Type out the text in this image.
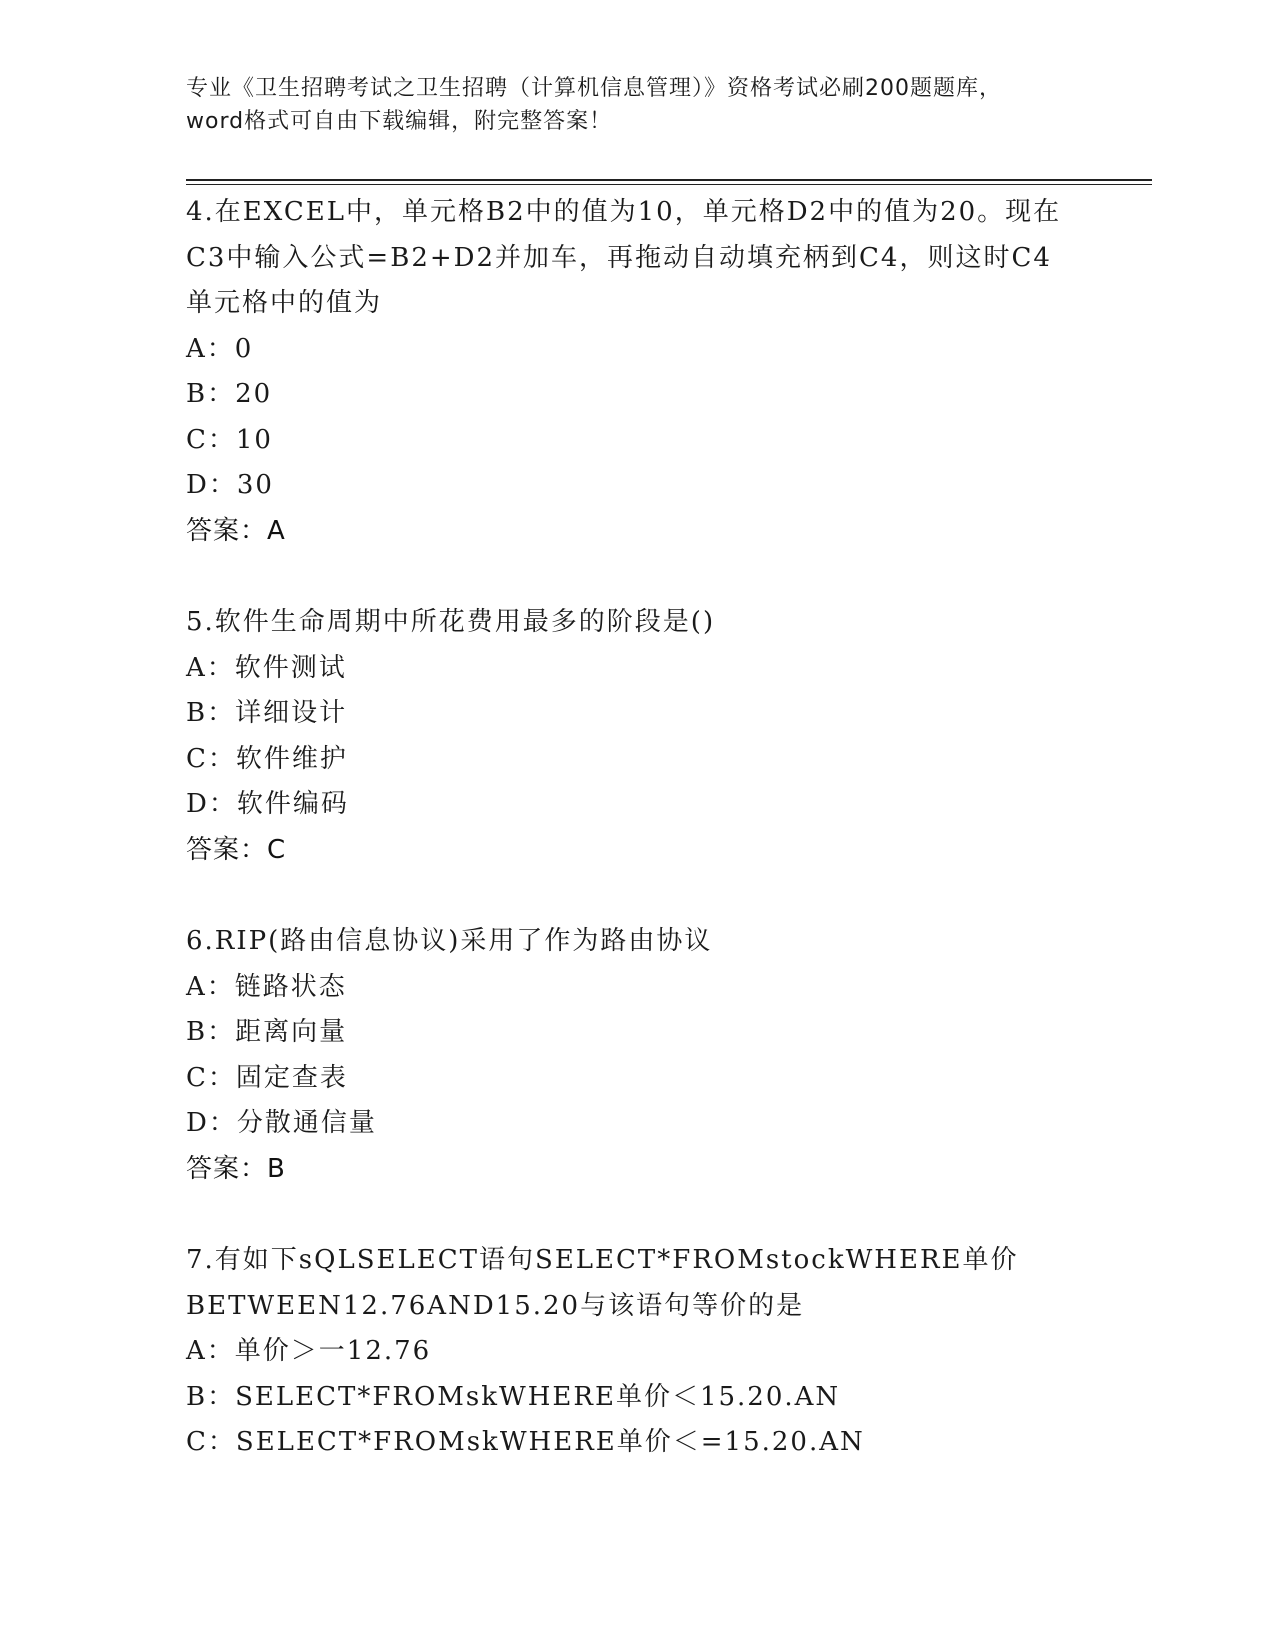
专业《卫生招聘考试之卫生招聘（计算机信息管理）》资格考试必刷200题题库，
word格式可自由下载编辑，附完整答案！
4.在EXCEL中，单元格B2中的值为10，单元格D2中的值为20。现在C3中输入公式=B2+D2并加车，再拖动自动填充柄到C4，则这时C4单元格中的值为
A：0
B：20
C：10
D：30
答案：A
5.软件生命周期中所花费用最多的阶段是()
A：软件测试
B：详细设计
C：软件维护
D：软件编码
答案：C
6.RIP(路由信息协议)采用了作为路由协议
A：链路状态
B：距离向量
C：固定查表
D：分散通信量
答案：B
7.有如下sQLSELECT语句SELECT*FROMstockWHERE单价BETWEEN12.76AND15.20与该语句等价的是
A：单价＞一12.76
B：SELECT*FROMskWHERE单价＜15.20.AN
C：SELECT*FROMskWHERE单价＜=15.20.AN
